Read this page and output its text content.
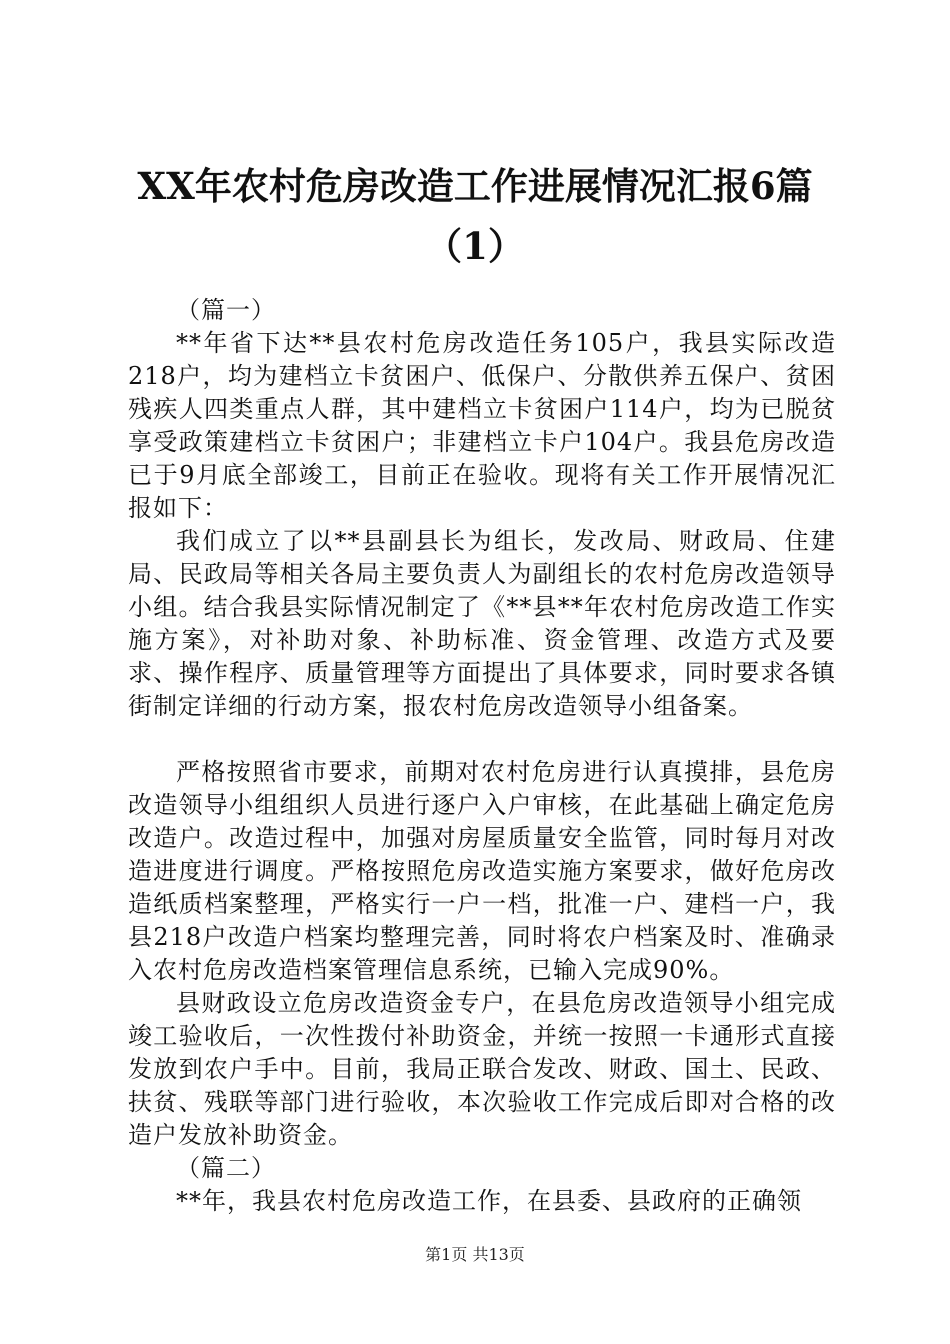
XX年农村危房改造工作进展情况汇报6篇
（1）

（篇一）

**年省下达**县农村危房改造任务105户，我县实际改造218户，均为建档立卡贫困户、低保户、分散供养五保户、贫困残疾人四类重点人群，其中建档立卡贫困户114户，均为已脱贫享受政策建档立卡贫困户；非建档立卡户104户。我县危房改造已于9月底全部竣工，目前正在验收。现将有关工作开展情况汇报如下：

我们成立了以**县副县长为组长，发改局、财政局、住建局、民政局等相关各局主要负责人为副组长的农村危房改造领导小组。结合我县实际情况制定了《**县**年农村危房改造工作实施方案》，对补助对象、补助标准、资金管理、改造方式及要求、操作程序、质量管理等方面提出了具体要求，同时要求各镇街制定详细的行动方案，报农村危房改造领导小组备案。

严格按照省市要求，前期对农村危房进行认真摸排，县危房改造领导小组组织人员进行逐户入户审核，在此基础上确定危房改造户。改造过程中，加强对房屋质量安全监管，同时每月对改造进度进行调度。严格按照危房改造实施方案要求，做好危房改造纸质档案整理，严格实行一户一档，批准一户、建档一户，我县218户改造户档案均整理完善，同时将农户档案及时、准确录入农村危房改造档案管理信息系统，已输入完成90%。

县财政设立危房改造资金专户，在县危房改造领导小组完成竣工验收后，一次性拨付补助资金，并统一按照一卡通形式直接发放到农户手中。目前，我局正联合发改、财政、国土、民政、扶贫、残联等部门进行验收，本次验收工作完成后即对合格的改造户发放补助资金。

（篇二）

**年，我县农村危房改造工作，在县委、县政府的正确领

第1页 共13页
